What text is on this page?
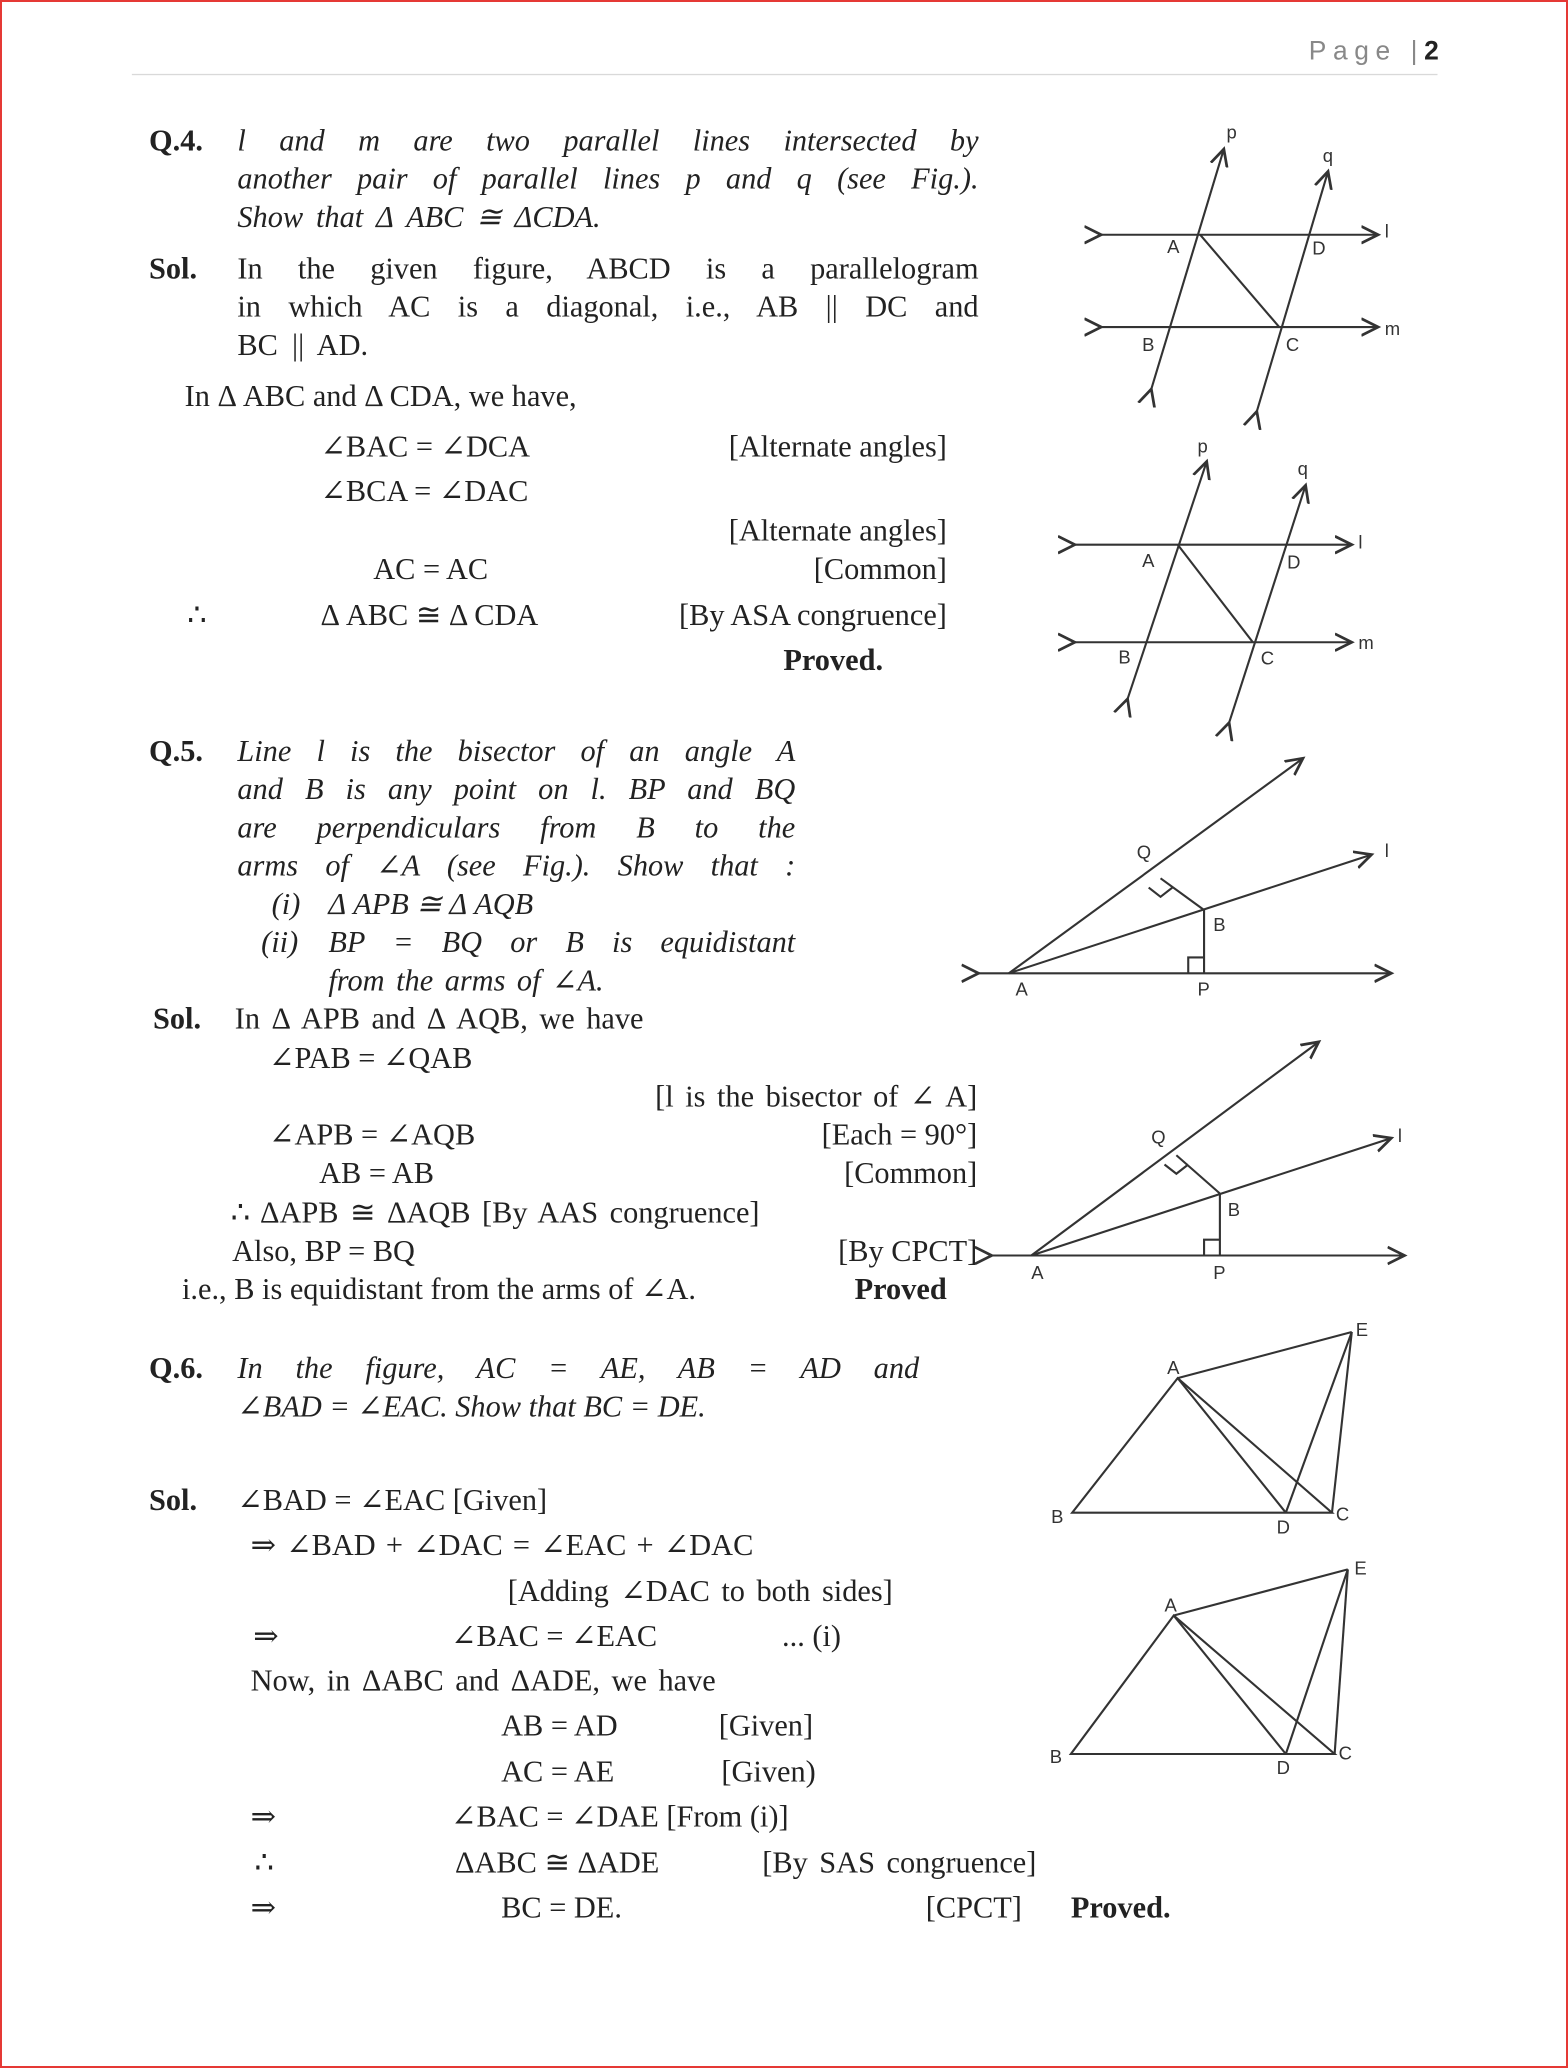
Page |2
Q.4. l and m are two parallel lines intersected by
another pair of parallel lines p and q (see Fig.).
Show that Δ ABC ≅ ΔCDA.
Sol. In the given figure, ABCD is a parallelogram
in which AC is a diagonal, i.e., AB || DC and
BC || AD.
In Δ ABC and Δ CDA, we have,
∠BAC = ∠DCA	[Alternate angles]
∠BCA = ∠DAC
[Alternate angles]
AC = AC	[Common]
∴	Δ ABC ≅ Δ CDA	[By ASA congruence]
Proved.
Q.5. Line l is the bisector of an angle A
and B is any point on l. BP and BQ
are perpendiculars from B to the
arms of ∠A (see Fig.). Show that :
(i) Δ APB ≅ Δ AQB
(ii) BP = BQ or B is equidistant
from the arms of ∠A.
Sol. In Δ APB and Δ AQB, we have
∠PAB = ∠QAB
[l is the bisector of ∠ A]
∠APB = ∠AQB	[Each = 90°]
AB = AB	[Common]
∴ ΔAPB ≅ ΔAQB [By AAS congruence]
Also, BP = BQ	[By CPCT]
i.e., B is equidistant from the arms of ∠A.	Proved
Q.6. In the figure, AC = AE, AB = AD and
∠BAD = ∠EAC. Show that BC = DE.
Sol. ∠BAD = ∠EAC [Given]
⇒ ∠BAD + ∠DAC = ∠EAC + ∠DAC
[Adding ∠DAC to both sides]
⇒	∠BAC = ∠EAC	... (i)
Now, in ΔABC and ΔADE, we have
AB = AD	[Given]
AC = AE	[Given)
⇒	∠BAC = ∠DAE [From (i)]
∴	ΔABC ≅ ΔADE	[By SAS congruence]
⇒	BC = DE.	[CPCT] Proved.
p
q
l
m
A	D
B	C
p
q
l
m
A	D
B	C
Q
B
A	P
l
Q
B
A	P
l
A
B
D
C
E
A
B
D
C
E
